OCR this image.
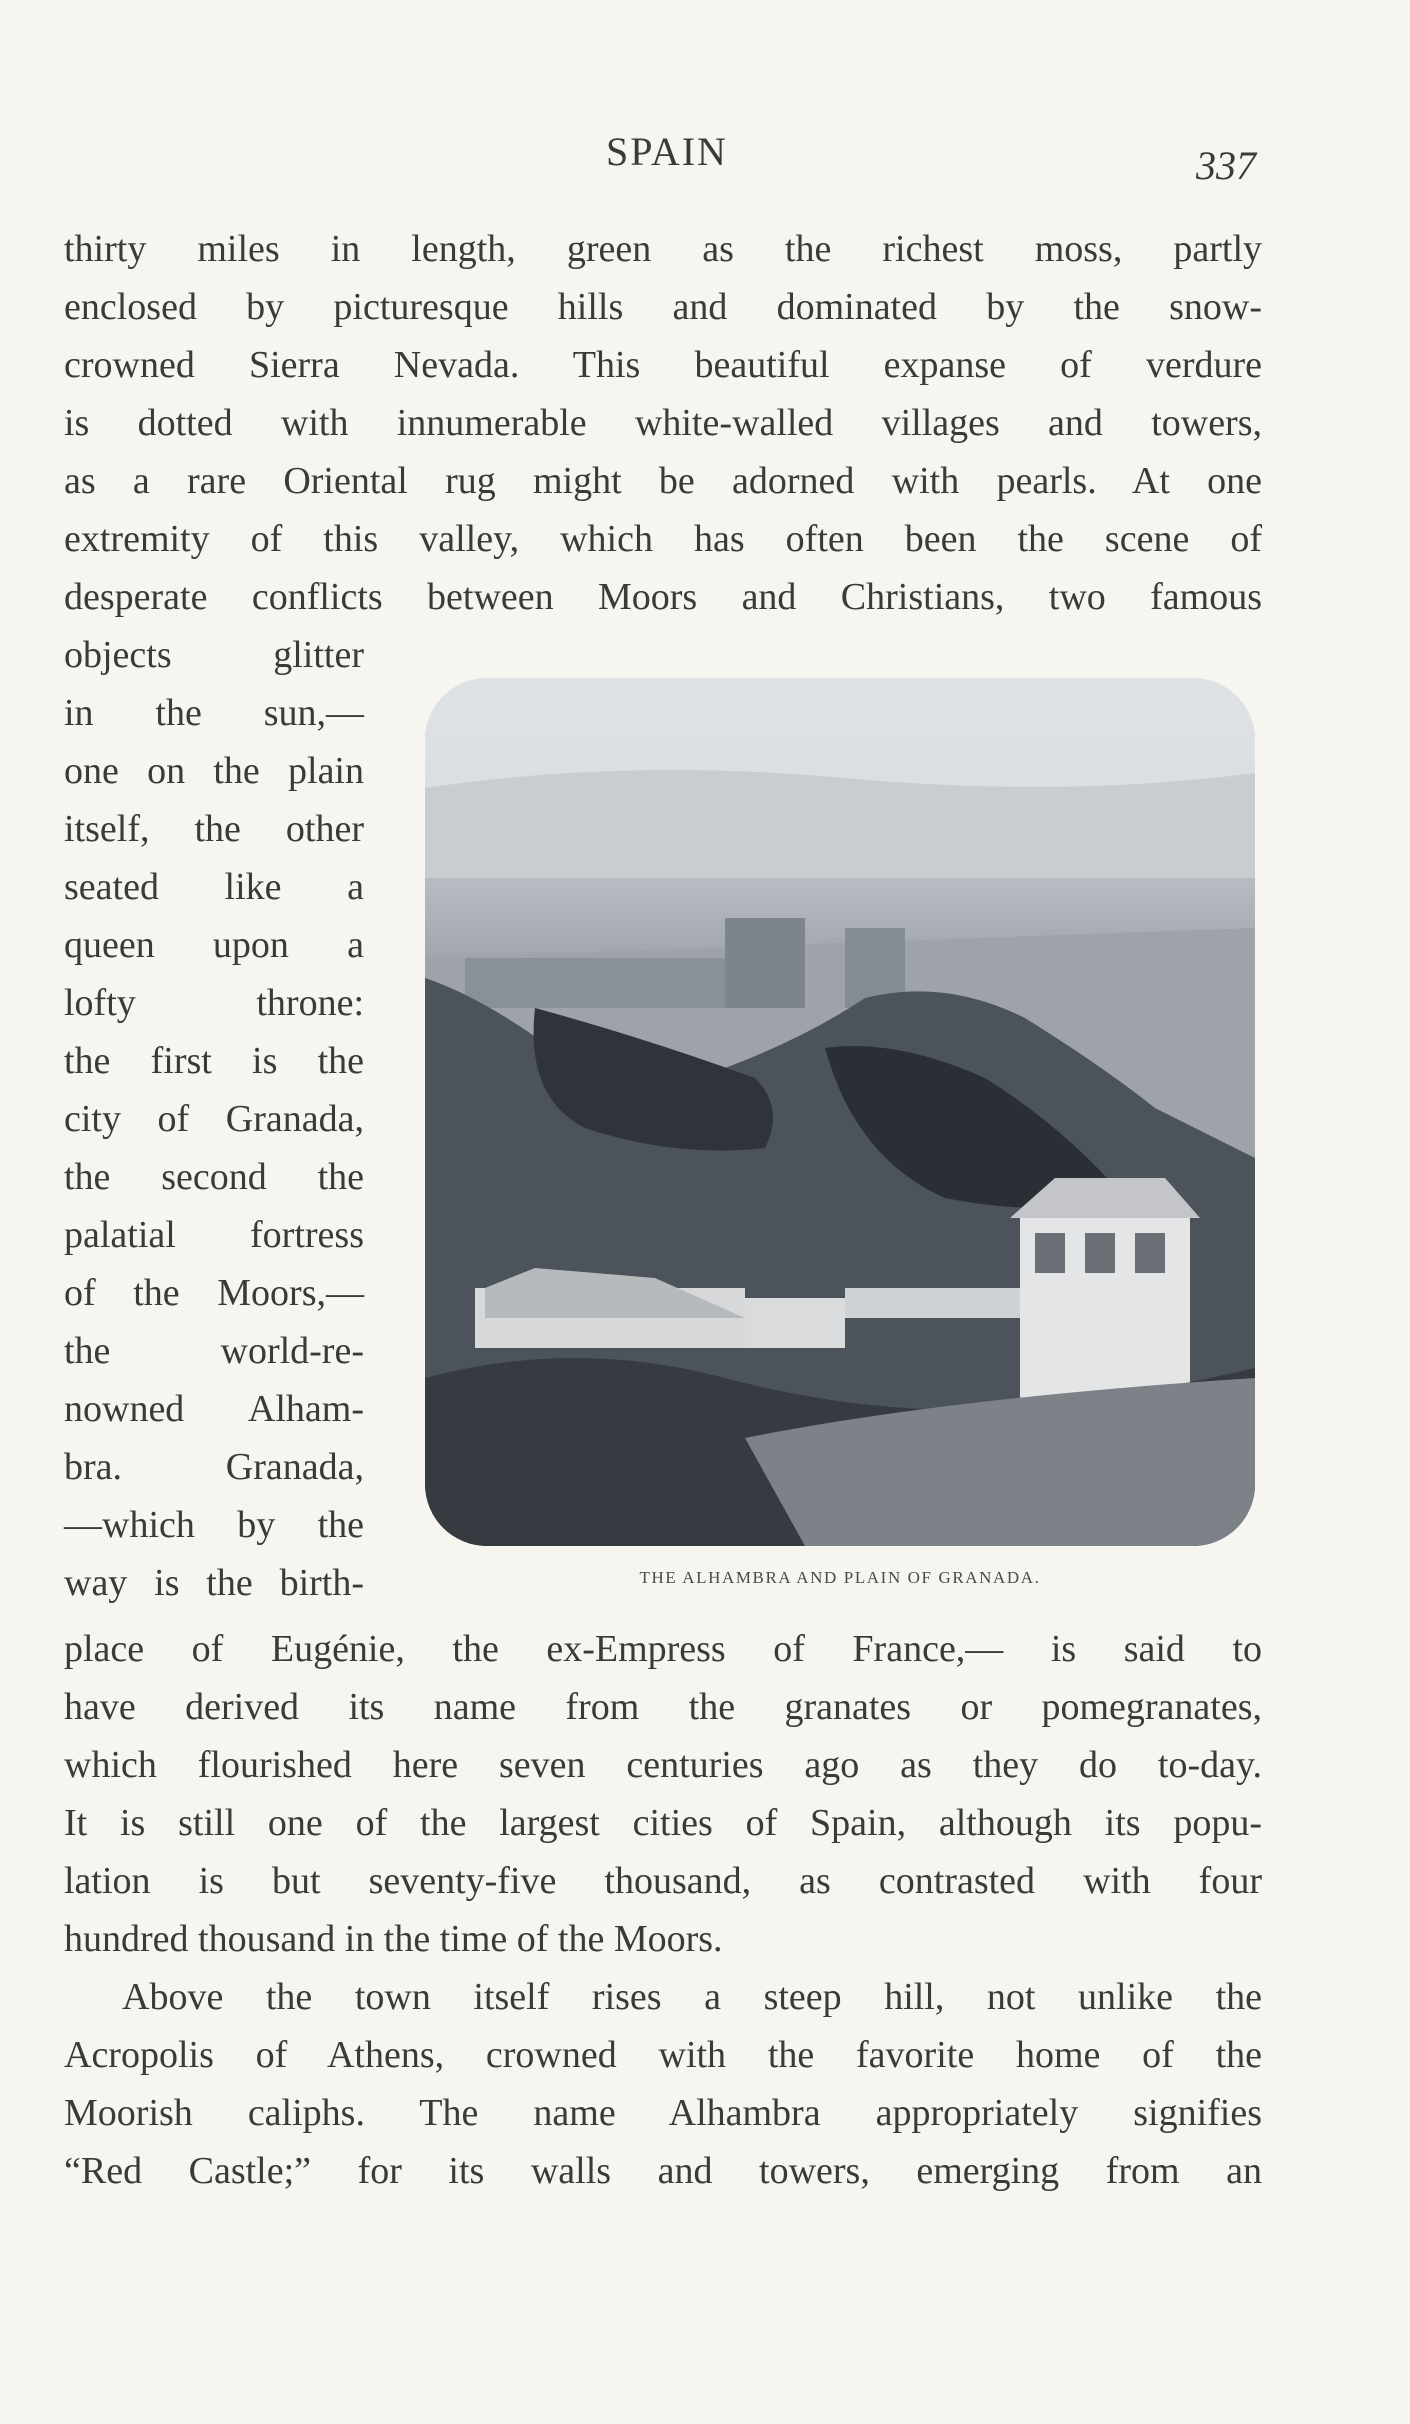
SPAIN	337
thirty miles in length, green as the richest moss, partly
enclosed by picturesque hills and dominated by the snow-
crowned Sierra Nevada. This beautiful expanse of verdure
is dotted with innumerable white-walled villages and towers,
as a rare Oriental rug might be adorned with pearls. At one
extremity of this valley, which has often been the scene of
desperate conflicts between Moors and Christians, two famous
objects glitter
in the sun,—
one on the plain
itself, the other
seated like a
queen upon a
lofty throne:
the first is the
city of Granada,
the second the
palatial fortress
of the Moors,—
the world-re-
nowned Alham-
bra. Granada,
—which by the
way is the birth-	THE ALHAMBRA AND PLAIN OF GRANADA.
place of Eugénie, the ex-Empress of France,— is said to
have derived its name from the granates or pomegranates,
which flourished here seven centuries ago as they do to-day.
It is still one of the largest cities of Spain, although its popu-
lation is but seventy-five thousand, as contrasted with four
hundred thousand in the time of the Moors.
Above the town itself rises a steep hill, not unlike the
Acropolis of Athens, crowned with the favorite home of the
Moorish caliphs. The name Alhambra appropriately signifies
“Red Castle;” for its walls and towers, emerging from an
